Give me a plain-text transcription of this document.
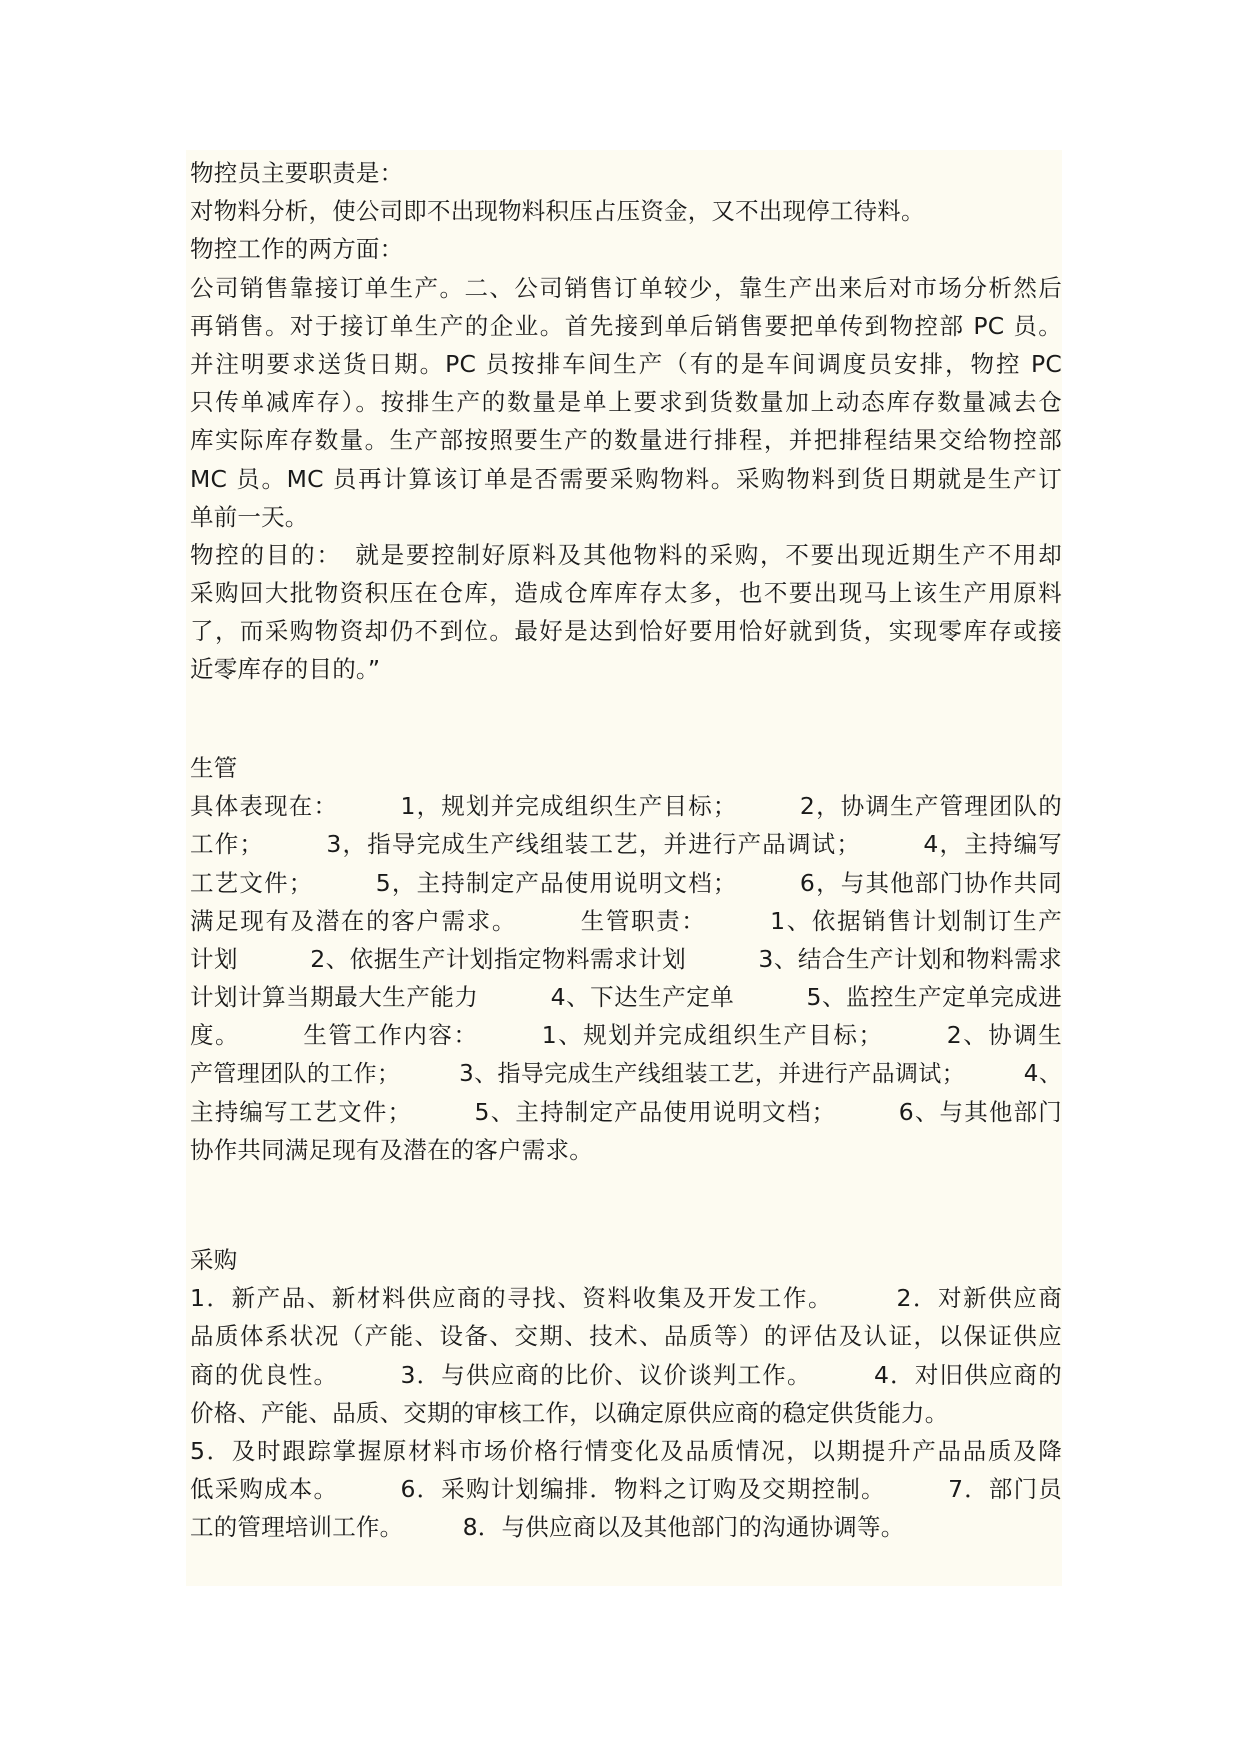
物控员主要职责是：
对物料分析，使公司即不出现物料积压占压资金，又不出现停工待料。
物控工作的两方面：
公司销售靠接订单生产。二、公司销售订单较少，靠生产出来后对市场分析然后
再销售。对于接订单生产的企业。首先接到单后销售要把单传到物控部 PC 员。
并注明要求送货日期。PC 员按排车间生产（有的是车间调度员安排，物控 PC
只传单减库存）。按排生产的数量是单上要求到货数量加上动态库存数量减去仓
库实际库存数量。生产部按照要生产的数量进行排程，并把排程结果交给物控部
MC 员。MC 员再计算该订单是否需要采购物料。采购物料到货日期就是生产订
单前一天。
物控的目的：　就是要控制好原料及其他物料的采购，不要出现近期生产不用却
采购回大批物资积压在仓库，造成仓库库存太多，也不要出现马上该生产用原料
了，而采购物资却仍不到位。最好是达到恰好要用恰好就到货，实现零库存或接
近零库存的目的。”
生管
具体表现在：　　　1，规划并完成组织生产目标；　　　2，协调生产管理团队的
工作；　　　3，指导完成生产线组装工艺，并进行产品调试；　　　4，主持编写
工艺文件；　　　5，主持制定产品使用说明文档；　　　6，与其他部门协作共同
满足现有及潜在的客户需求。　　　生管职责：　　　1、依据销售计划制订生产
计划　　　2、依据生产计划指定物料需求计划　　　3、结合生产计划和物料需求
计划计算当期最大生产能力　　　4、下达生产定单　　　5、监控生产定单完成进
度。　　　生管工作内容：　　　1、规划并完成组织生产目标；　　　2、协调生
产管理团队的工作；　　　3、指导完成生产线组装工艺，并进行产品调试；　　　4、
主持编写工艺文件；　　　5、主持制定产品使用说明文档；　　　6、与其他部门
协作共同满足现有及潜在的客户需求。
采购
1．新产品、新材料供应商的寻找、资料收集及开发工作。　　　2．对新供应商
品质体系状况（产能、设备、交期、技术、品质等）的评估及认证，以保证供应
商的优良性。　　　3．与供应商的比价、议价谈判工作。　　　4．对旧供应商的
价格、产能、品质、交期的审核工作，以确定原供应商的稳定供货能力。
5．及时跟踪掌握原材料市场价格行情变化及品质情况，以期提升产品品质及降
低采购成本。　　　6．采购计划编排．物料之订购及交期控制。　　　7．部门员
工的管理培训工作。　　　8．与供应商以及其他部门的沟通协调等。
